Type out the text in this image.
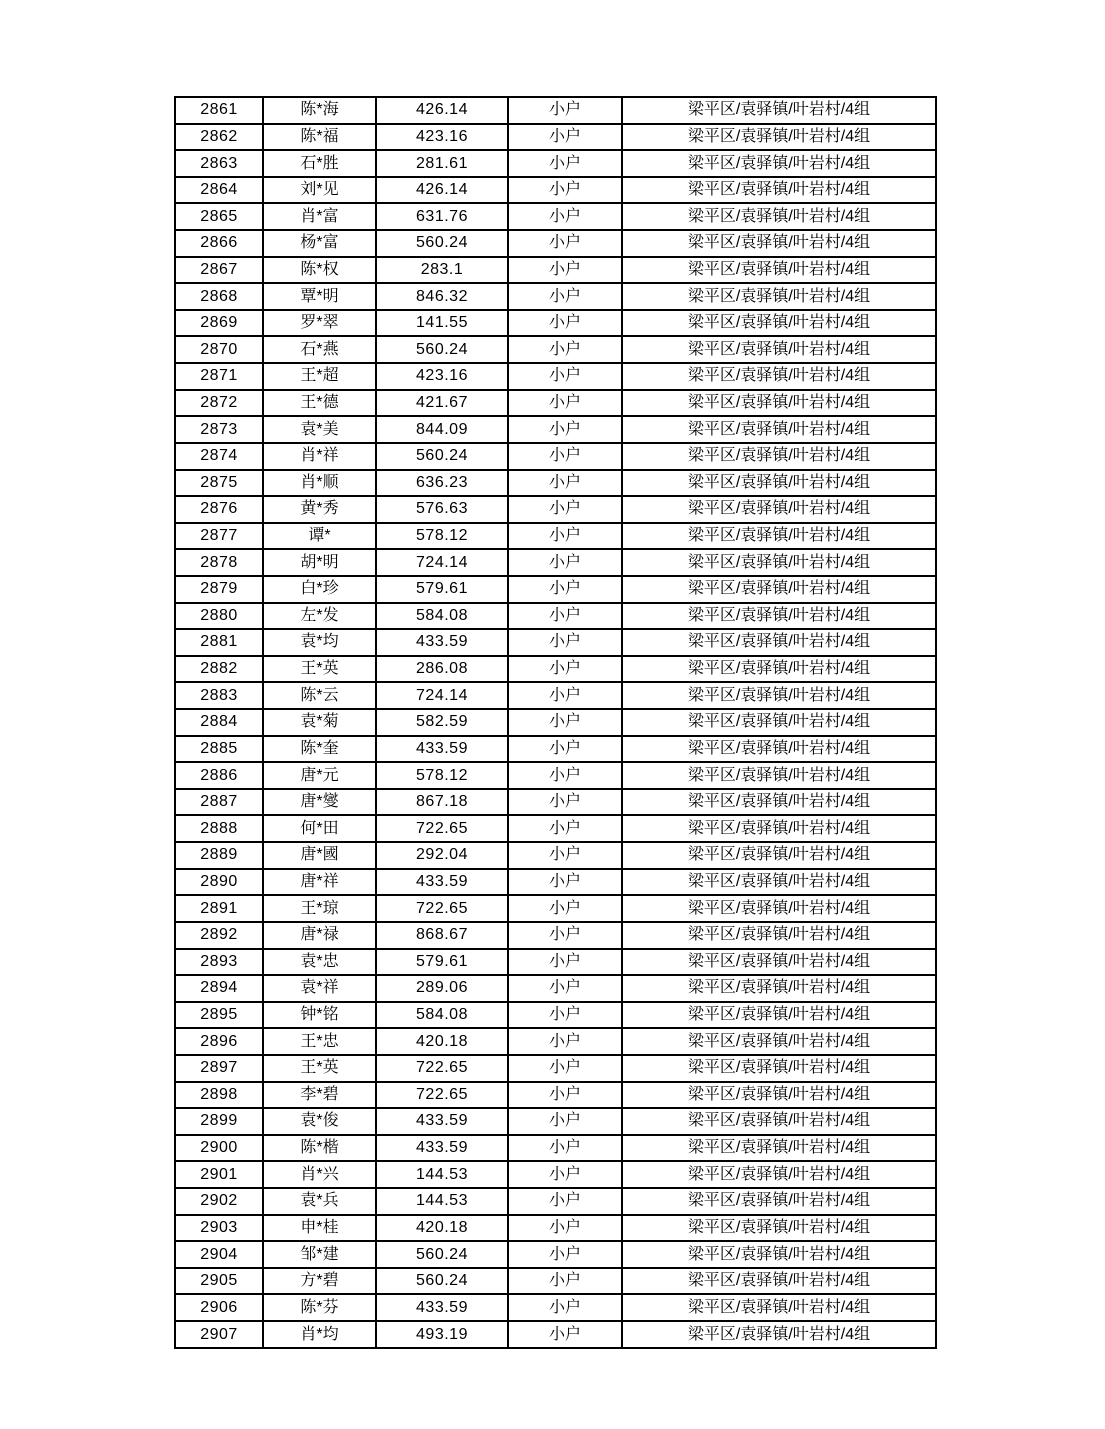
2861	陈*海	426.14	小户	梁平区/袁驿镇/叶岩村/4组
2862	陈*福	423.16	小户	梁平区/袁驿镇/叶岩村/4组
2863	石*胜	281.61	小户	梁平区/袁驿镇/叶岩村/4组
2864	刘*见	426.14	小户	梁平区/袁驿镇/叶岩村/4组
2865	肖*富	631.76	小户	梁平区/袁驿镇/叶岩村/4组
2866	杨*富	560.24	小户	梁平区/袁驿镇/叶岩村/4组
2867	陈*权	283.1	小户	梁平区/袁驿镇/叶岩村/4组
2868	覃*明	846.32	小户	梁平区/袁驿镇/叶岩村/4组
2869	罗*翠	141.55	小户	梁平区/袁驿镇/叶岩村/4组
2870	石*燕	560.24	小户	梁平区/袁驿镇/叶岩村/4组
2871	王*超	423.16	小户	梁平区/袁驿镇/叶岩村/4组
2872	王*德	421.67	小户	梁平区/袁驿镇/叶岩村/4组
2873	袁*美	844.09	小户	梁平区/袁驿镇/叶岩村/4组
2874	肖*祥	560.24	小户	梁平区/袁驿镇/叶岩村/4组
2875	肖*顺	636.23	小户	梁平区/袁驿镇/叶岩村/4组
2876	黄*秀	576.63	小户	梁平区/袁驿镇/叶岩村/4组
2877	谭*	578.12	小户	梁平区/袁驿镇/叶岩村/4组
2878	胡*明	724.14	小户	梁平区/袁驿镇/叶岩村/4组
2879	白*珍	579.61	小户	梁平区/袁驿镇/叶岩村/4组
2880	左*发	584.08	小户	梁平区/袁驿镇/叶岩村/4组
2881	袁*均	433.59	小户	梁平区/袁驿镇/叶岩村/4组
2882	王*英	286.08	小户	梁平区/袁驿镇/叶岩村/4组
2883	陈*云	724.14	小户	梁平区/袁驿镇/叶岩村/4组
2884	袁*菊	582.59	小户	梁平区/袁驿镇/叶岩村/4组
2885	陈*奎	433.59	小户	梁平区/袁驿镇/叶岩村/4组
2886	唐*元	578.12	小户	梁平区/袁驿镇/叶岩村/4组
2887	唐*燮	867.18	小户	梁平区/袁驿镇/叶岩村/4组
2888	何*田	722.65	小户	梁平区/袁驿镇/叶岩村/4组
2889	唐*國	292.04	小户	梁平区/袁驿镇/叶岩村/4组
2890	唐*祥	433.59	小户	梁平区/袁驿镇/叶岩村/4组
2891	王*琼	722.65	小户	梁平区/袁驿镇/叶岩村/4组
2892	唐*禄	868.67	小户	梁平区/袁驿镇/叶岩村/4组
2893	袁*忠	579.61	小户	梁平区/袁驿镇/叶岩村/4组
2894	袁*祥	289.06	小户	梁平区/袁驿镇/叶岩村/4组
2895	钟*铭	584.08	小户	梁平区/袁驿镇/叶岩村/4组
2896	王*忠	420.18	小户	梁平区/袁驿镇/叶岩村/4组
2897	王*英	722.65	小户	梁平区/袁驿镇/叶岩村/4组
2898	李*碧	722.65	小户	梁平区/袁驿镇/叶岩村/4组
2899	袁*俊	433.59	小户	梁平区/袁驿镇/叶岩村/4组
2900	陈*楷	433.59	小户	梁平区/袁驿镇/叶岩村/4组
2901	肖*兴	144.53	小户	梁平区/袁驿镇/叶岩村/4组
2902	袁*兵	144.53	小户	梁平区/袁驿镇/叶岩村/4组
2903	申*桂	420.18	小户	梁平区/袁驿镇/叶岩村/4组
2904	邹*建	560.24	小户	梁平区/袁驿镇/叶岩村/4组
2905	方*碧	560.24	小户	梁平区/袁驿镇/叶岩村/4组
2906	陈*芬	433.59	小户	梁平区/袁驿镇/叶岩村/4组
2907	肖*均	493.19	小户	梁平区/袁驿镇/叶岩村/4组
